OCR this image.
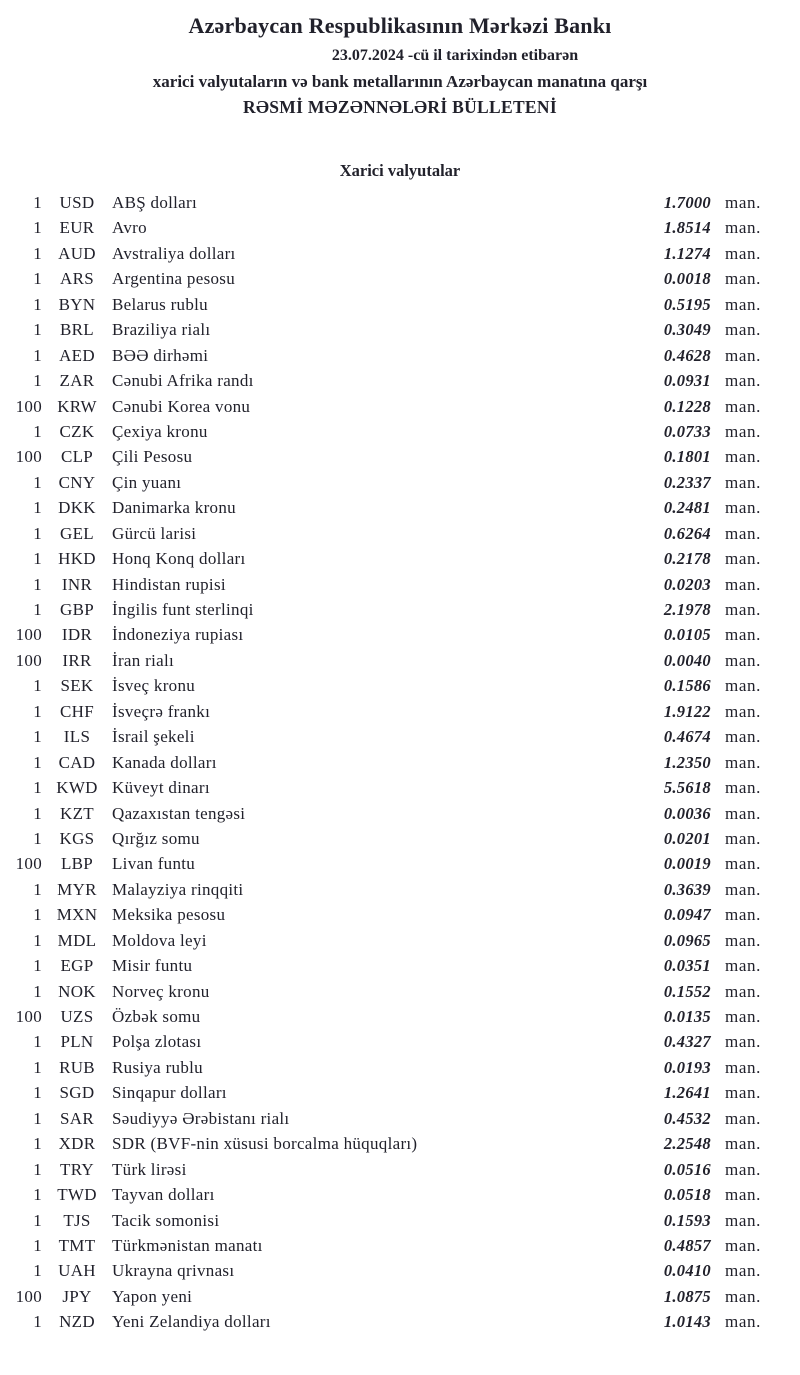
Azərbaycan Respublikasının Mərkəzi Bankı
23.07.2024 -cü il tarixindən etibarən
xarici valyutaların və bank metallarının Azərbaycan manatına qarşı
RƏSMİ MƏZƏNNƏLƏRİ BÜLLETENİ
Xarici valyutalar
1	USD	ABŞ dolları	1.7000 man.
1	EUR	Avro	1.8514 man.
1 AUD Avstraliya dolları	1.1274 man.
1	ARS	Argentina pesosu	0.0018 man.
1 BYN Belarus rublu	0.5195 man.
1	BRL	Braziliya rialı	0.3049 man.
1	AED	BƏƏ dirhəmi	0.4628 man.
1	ZAR	Cənubi Afrika randı	0.0931 man.
100 KRW Cənubi Korea vonu	0.1228 man.
1	CZK	Çexiya kronu	0.0733 man.
100	CLP	Çili Pesosu	0.1801 man.
1 CNY Çin yuanı	0.2337 man.
1 DKK Danimarka kronu	0.2481 man.
1	GEL	Gürcü larisi	0.6264 man.
1 HKD Honq Konq dolları	0.2178 man.
1	INR	Hindistan rupisi	0.0203 man.
1	GBP	İngilis funt sterlinqi	2.1978 man.
100	IDR	İndoneziya rupiası	0.0105 man.
100	IRR	İran rialı	0.0040 man.
1	SEK	İsveç kronu	0.1586 man.
1	CHF	İsveçrə frankı	1.9122 man.
1	ILS	İsrail şekeli	0.4674 man.
1 CAD Kanada dolları	1.2350 man.
1 KWD Küveyt dinarı	5.5618 man.
1	KZT	Qazaxıstan tengəsi	0.0036 man.
1	KGS	Qırğız somu	0.0201 man.
100	LBP	Livan funtu	0.0019 man.
1 MYR Malayziya rinqqiti	0.3639 man.
1 MXN Meksika pesosu	0.0947 man.
1 MDL Moldova leyi	0.0965 man.
1	EGP	Misir funtu	0.0351 man.
1 NOK Norveç kronu	0.1552 man.
100	UZS	Özbək somu	0.0135 man.
1	PLN	Polşa zlotası	0.4327 man.
1	RUB	Rusiya rublu	0.0193 man.
1	SGD	Sinqapur dolları	1.2641 man.
1	SAR	Səudiyyə Ərəbistanı rialı	0.4532 man.
1 XDR SDR (BVF-nin xüsusi borcalma hüquqları)	2.2548 man.
1	TRY	Türk lirəsi	0.0516 man.
1 TWD Tayvan dolları	0.0518 man.
1	TJS	Tacik somonisi	0.1593 man.
1 TMT Türkmənistan manatı	0.4857 man.
1 UAH Ukrayna qrivnası	0.0410 man.
100	JPY	Yapon yeni	1.0875 man.
1	NZD	Yeni Zelandiya dolları	1.0143 man.
